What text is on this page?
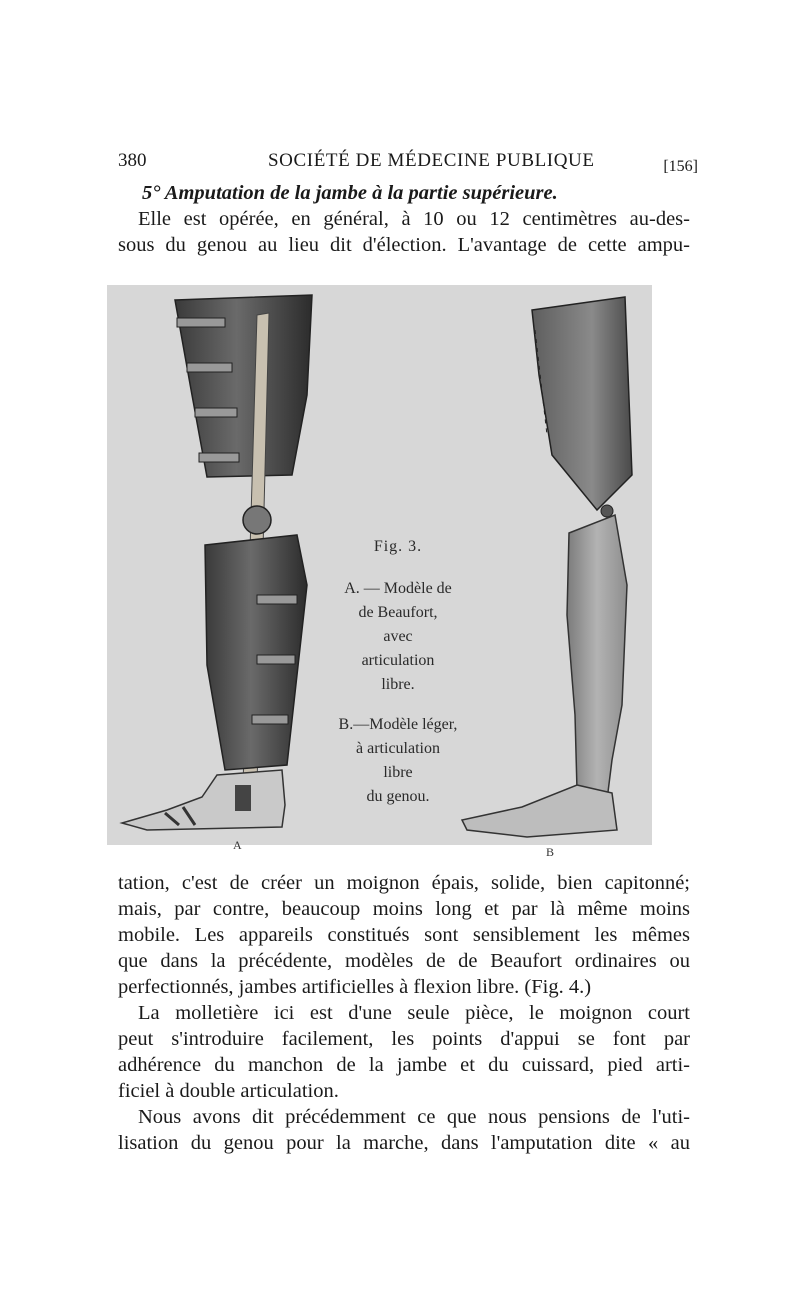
380	SOCIÉTÉ DE MÉDECINE PUBLIQUE	[156]
5° Amputation de la jambe à la partie supérieure.
Elle est opérée, en général, à 10 ou 12 centimètres au-des-
sous du genou au lieu dit d'élection. L'avantage de cette ampu-
Fig. 3.
A. — Modèle de
de Beaufort,
avec
articulation
libre.
B.—Modèle léger,
à articulation
libre
du genou.
A	B
tation, c'est de créer un moignon épais, solide, bien capitonné;
mais, par contre, beaucoup moins long et par là même moins
mobile. Les appareils constitués sont sensiblement les mêmes
que dans la précédente, modèles de de Beaufort ordinaires ou
perfectionnés, jambes artificielles à flexion libre. (Fig. 4.)
La molletière ici est d'une seule pièce, le moignon court
peut s'introduire facilement, les points d'appui se font par
adhérence du manchon de la jambe et du cuissard, pied arti-
ficiel à double articulation.
Nous avons dit précédemment ce que nous pensions de l'uti-
lisation du genou pour la marche, dans l'amputation dite « au
